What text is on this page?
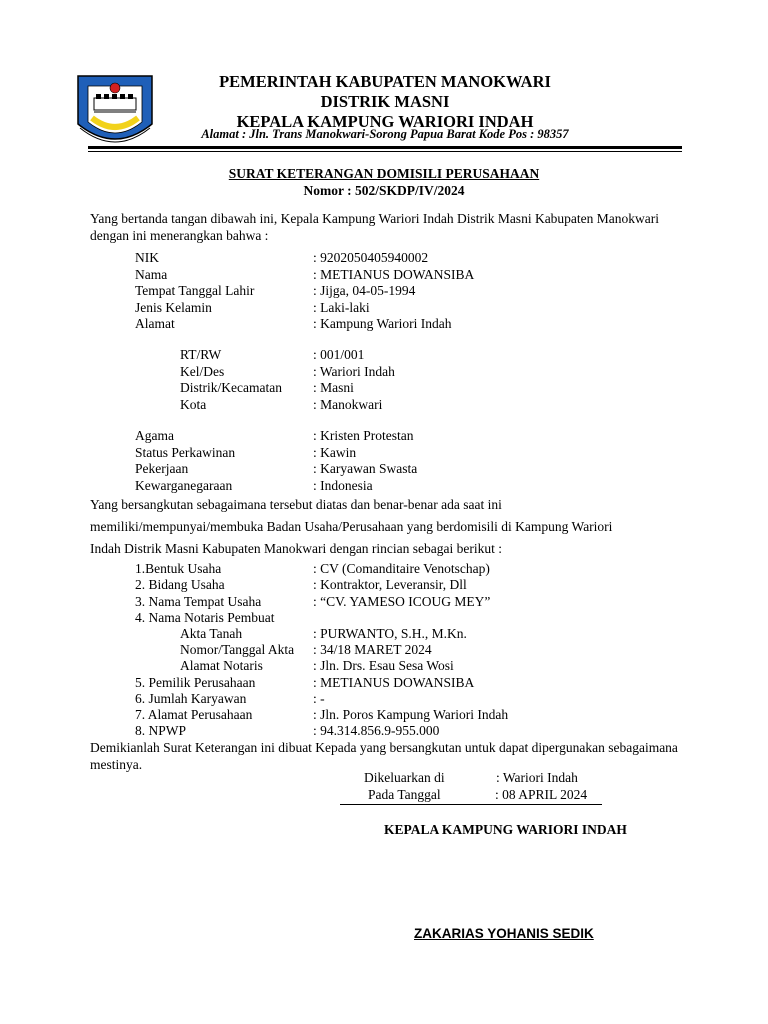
PEMERINTAH KABUPATEN MANOKWARI
DISTRIK MASNI
KEPALA KAMPUNG WARIORI INDAH
Alamat : Jln. Trans Manokwari-Sorong Papua Barat Kode Pos : 98357
SURAT KETERANGAN DOMISILI PERUSAHAAN
Nomor : 502/SKDP/IV/2024
Yang bertanda tangan dibawah ini, Kepala Kampung Wariori Indah Distrik Masni Kabupaten Manokwari dengan ini menerangkan bahwa :
NIK	: 9202050405940002
Nama	: METIANUS DOWANSIBA
Tempat Tanggal Lahir	: Jijga, 04-05-1994
Jenis Kelamin	: Laki-laki
Alamat	: Kampung Wariori Indah
RT/RW	: 001/001
Kel/Des	: Wariori Indah
Distrik/Kecamatan : Masni
Kota	: Manokwari
Agama	: Kristen Protestan
Status Perkawinan	: Kawin
Pekerjaan	: Karyawan Swasta
Kewarganegaraan	: Indonesia
Yang bersangkutan sebagaimana tersebut diatas dan benar-benar ada saat ini
memiliki/mempunyai/membuka Badan Usaha/Perusahaan yang berdomisili di Kampung Wariori
Indah Distrik Masni Kabupaten Manokwari dengan rincian sebagai berikut :
1.Bentuk Usaha	: CV (Comanditaire Venotschap)
2. Bidang Usaha	: Kontraktor, Leveransir, Dll
3. Nama Tempat Usaha	: “CV. YAMESO ICOUG MEY”
4. Nama Notaris Pembuat
Akta Tanah	: PURWANTO, S.H., M.Kn.
Nomor/Tanggal Akta : 34/18 MARET 2024
Alamat Notaris	: Jln. Drs. Esau Sesa Wosi
5. Pemilik Perusahaan	: METIANUS DOWANSIBA
6. Jumlah Karyawan	: -
7. Alamat Perusahaan	: Jln. Poros Kampung Wariori Indah
8. NPWP	: 94.314.856.9-955.000
Demikianlah Surat Keterangan ini dibuat Kepada yang bersangkutan untuk dapat dipergunakan sebagaimana mestinya.
Dikeluarkan di	: Wariori Indah
Pada Tanggal	: 08 APRIL 2024
KEPALA KAMPUNG WARIORI INDAH
ZAKARIAS YOHANIS SEDIK
